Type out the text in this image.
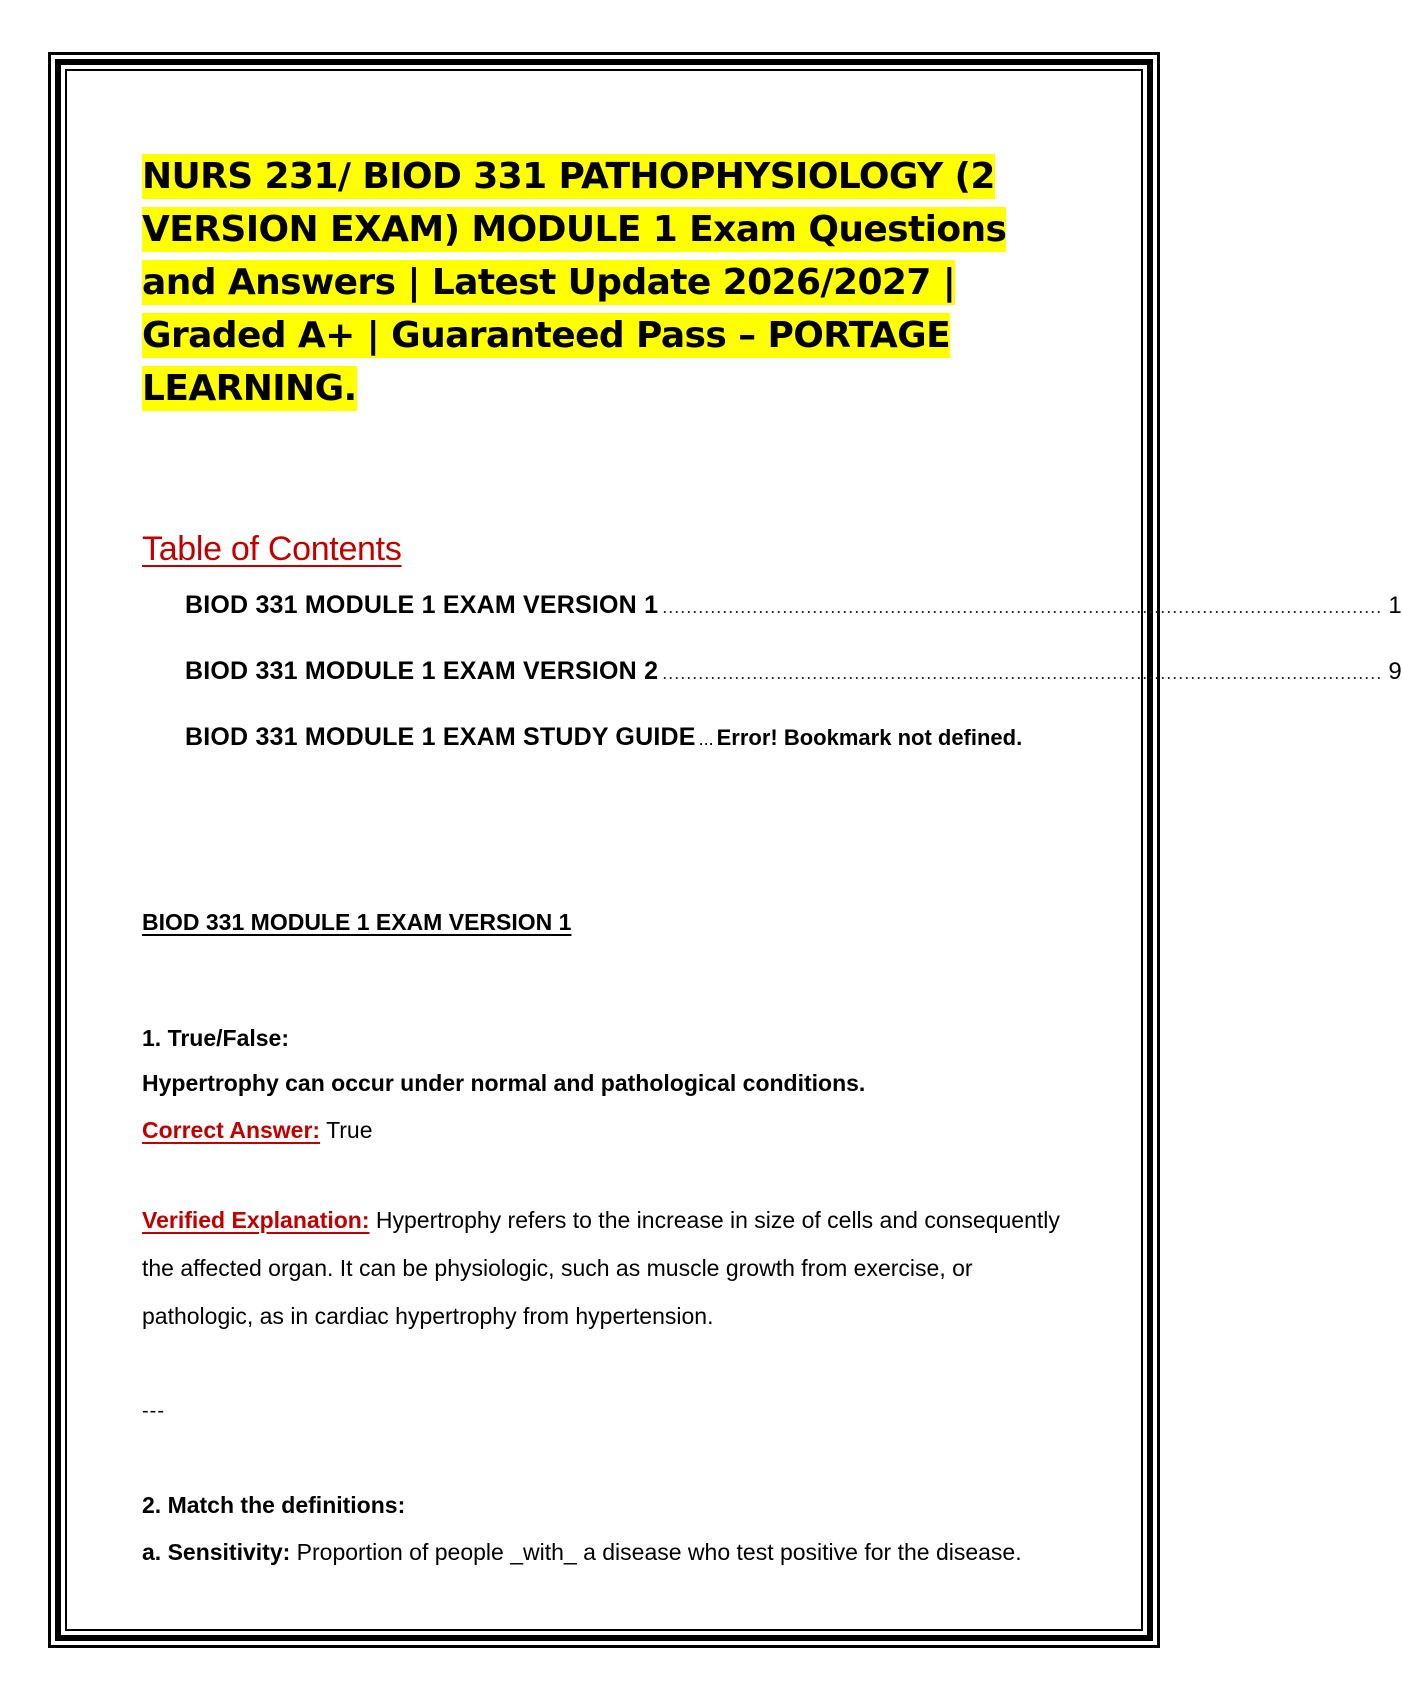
NURS 231/ BIOD 331 PATHOPHYSIOLOGY (2 VERSION EXAM) MODULE 1 Exam Questions and Answers | Latest Update 2026/2027 | Graded A+ | Guaranteed Pass – PORTAGE LEARNING.
Table of Contents
BIOD 331 MODULE 1 EXAM VERSION 1 ........................................................................................................................ 1
BIOD 331 MODULE 1 EXAM VERSION 2 ........................................................................................................................ 9
BIOD 331 MODULE 1 EXAM STUDY GUIDE ... Error! Bookmark not defined.
BIOD 331 MODULE 1 EXAM VERSION 1
1. True/False:
Hypertrophy can occur under normal and pathological conditions.
Correct Answer: True
Verified Explanation: Hypertrophy refers to the increase in size of cells and consequently the affected organ. It can be physiologic, such as muscle growth from exercise, or pathologic, as in cardiac hypertrophy from hypertension.
---
2. Match the definitions:
a. Sensitivity: Proportion of people _with_ a disease who test positive for the disease.
